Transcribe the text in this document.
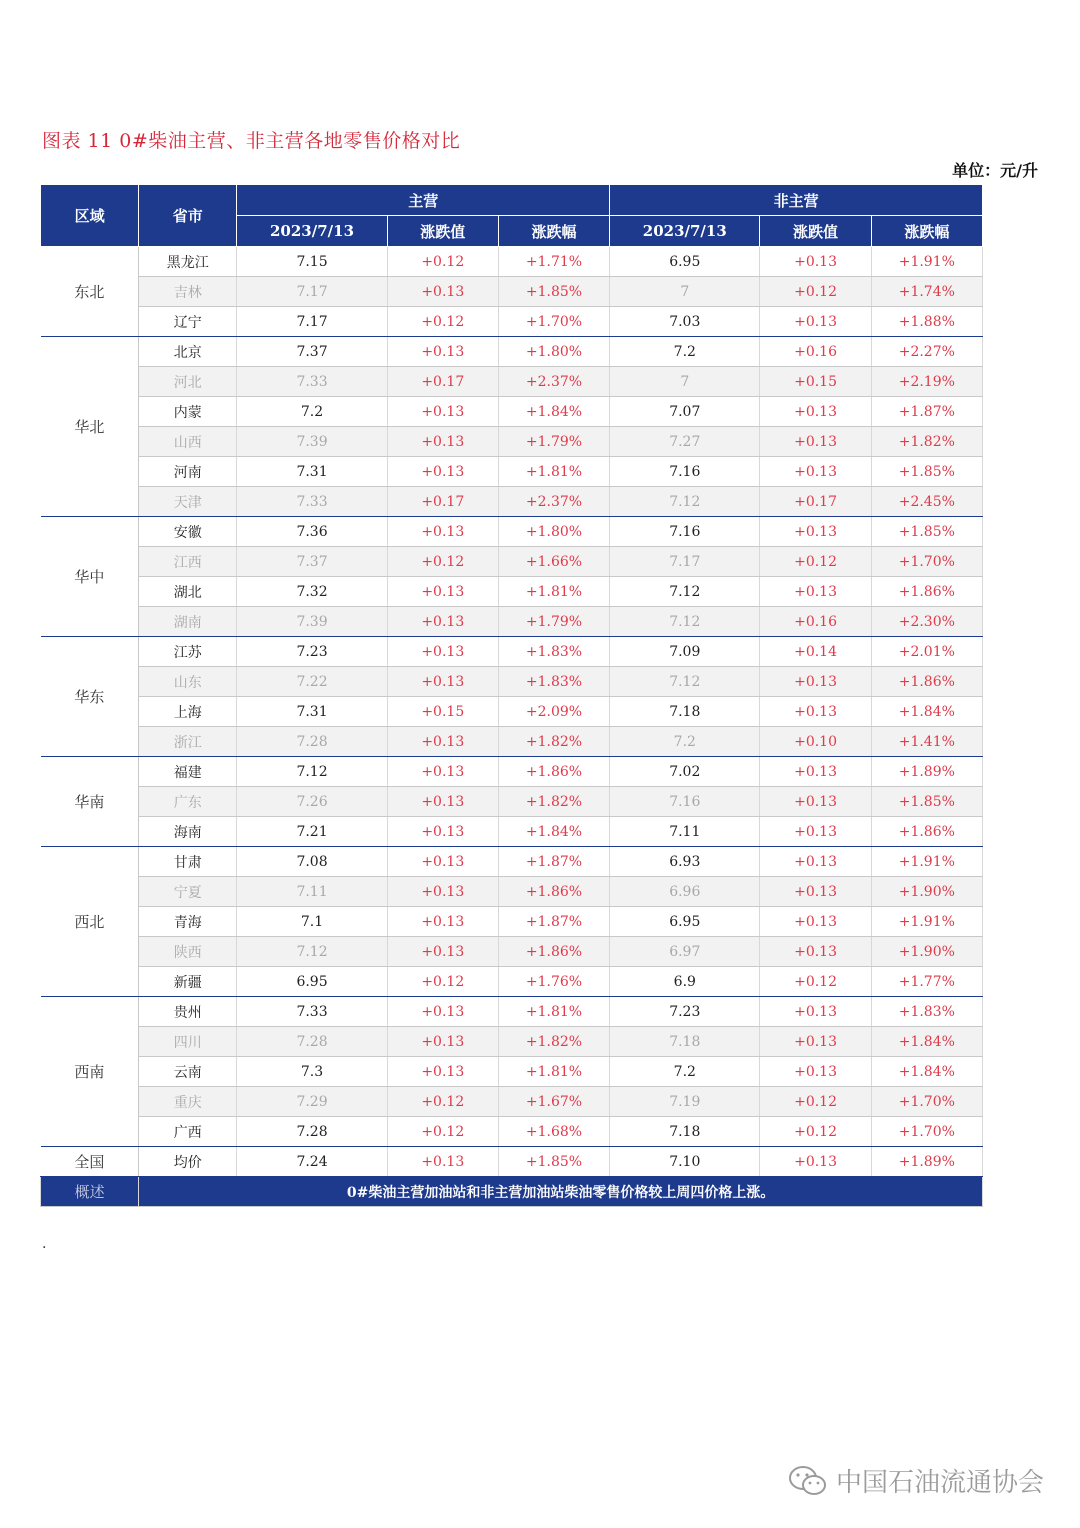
图表 11 0#柴油主营、非主营各地零售价格对比
单位：元/升
区域	省市	主营			非主营		
		2023/7/13	涨跌值	涨跌幅	2023/7/13	涨跌值	涨跌幅
东北	黑龙江	7.15	+0.12	+1.71%	6.95	+0.13	+1.91%
	吉林	7.17	+0.13	+1.85%	7	+0.12	+1.74%
	辽宁	7.17	+0.12	+1.70%	7.03	+0.13	+1.88%
华北	北京	7.37	+0.13	+1.80%	7.2	+0.16	+2.27%
	河北	7.33	+0.17	+2.37%	7	+0.15	+2.19%
	内蒙	7.2	+0.13	+1.84%	7.07	+0.13	+1.87%
	山西	7.39	+0.13	+1.79%	7.27	+0.13	+1.82%
	河南	7.31	+0.13	+1.81%	7.16	+0.13	+1.85%
	天津	7.33	+0.17	+2.37%	7.12	+0.17	+2.45%
华中	安徽	7.36	+0.13	+1.80%	7.16	+0.13	+1.85%
	江西	7.37	+0.12	+1.66%	7.17	+0.12	+1.70%
	湖北	7.32	+0.13	+1.81%	7.12	+0.13	+1.86%
	湖南	7.39	+0.13	+1.79%	7.12	+0.16	+2.30%
华东	江苏	7.23	+0.13	+1.83%	7.09	+0.14	+2.01%
	山东	7.22	+0.13	+1.83%	7.12	+0.13	+1.86%
	上海	7.31	+0.15	+2.09%	7.18	+0.13	+1.84%
	浙江	7.28	+0.13	+1.82%	7.2	+0.10	+1.41%
华南	福建	7.12	+0.13	+1.86%	7.02	+0.13	+1.89%
	广东	7.26	+0.13	+1.82%	7.16	+0.13	+1.85%
	海南	7.21	+0.13	+1.84%	7.11	+0.13	+1.86%
西北	甘肃	7.08	+0.13	+1.87%	6.93	+0.13	+1.91%
	宁夏	7.11	+0.13	+1.86%	6.96	+0.13	+1.90%
	青海	7.1	+0.13	+1.87%	6.95	+0.13	+1.91%
	陕西	7.12	+0.13	+1.86%	6.97	+0.13	+1.90%
	新疆	6.95	+0.12	+1.76%	6.9	+0.12	+1.77%
西南	贵州	7.33	+0.13	+1.81%	7.23	+0.13	+1.83%
	四川	7.28	+0.13	+1.82%	7.18	+0.13	+1.84%
	云南	7.3	+0.13	+1.81%	7.2	+0.13	+1.84%
	重庆	7.29	+0.12	+1.67%	7.19	+0.12	+1.70%
	广西	7.28	+0.12	+1.68%	7.18	+0.12	+1.70%
全国	均价	7.24	+0.13	+1.85%	7.10	+0.13	+1.89%
概述	0#柴油主营加油站和非主营加油站柴油零售价格较上周四价格上涨。						
.
中国石油流通协会
